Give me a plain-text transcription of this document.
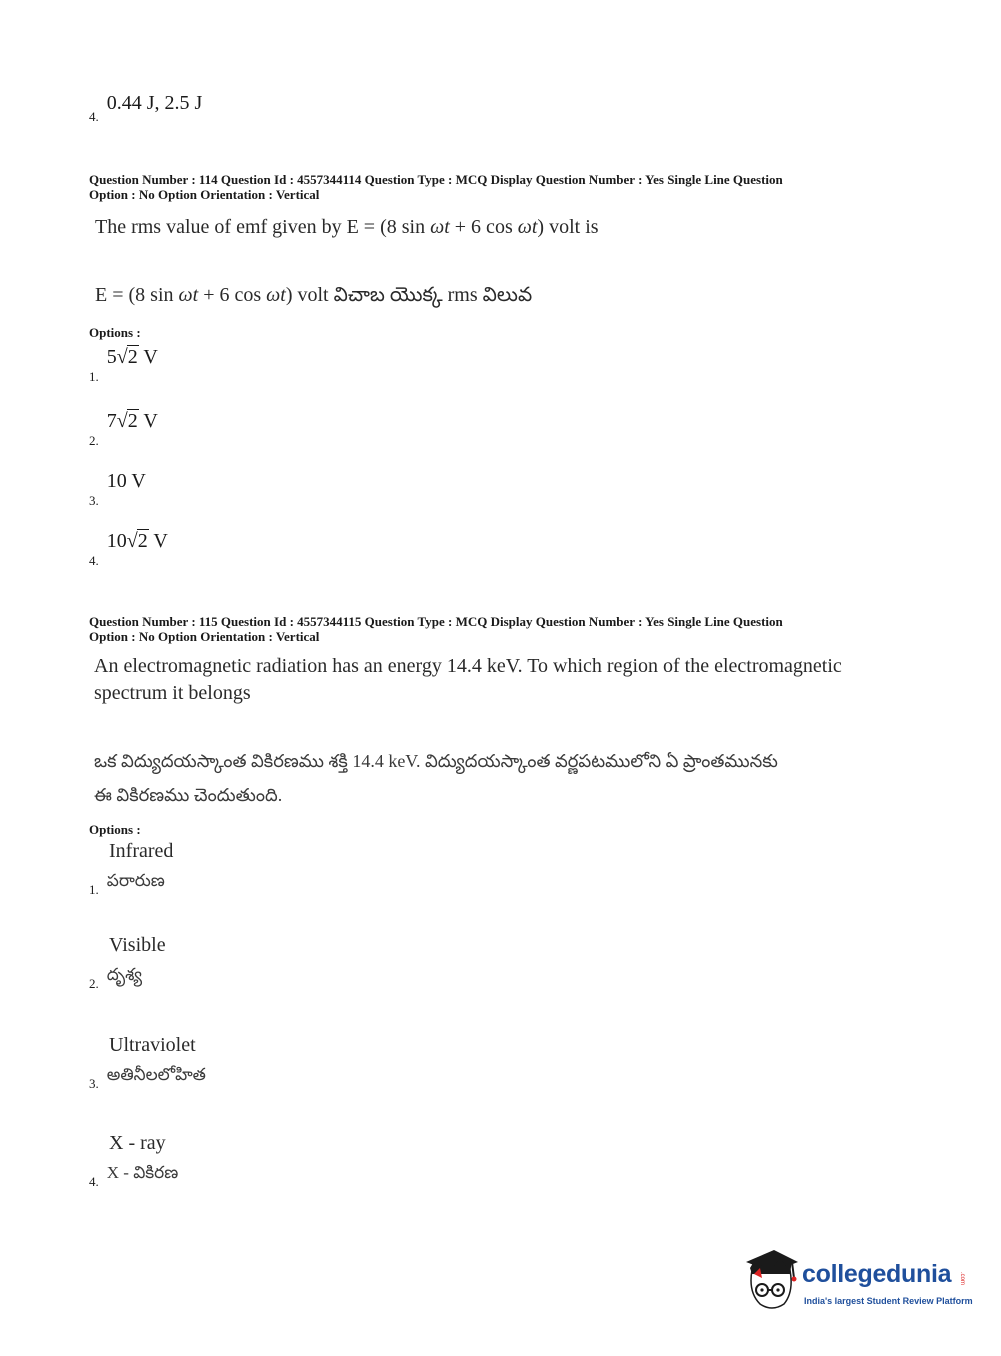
$_{4.}$ 0.44 J, 2.5 J
Question Number : 114 Question Id : 4557344114 Question Type : MCQ Display Question Number : Yes Single Line Question
Option : No Option Orientation : Vertical
The rms value of emf given by E = (8 sin ωt + 6 cos ωt) volt is
E = (8 sin ωt + 6 cos ωt) volt విచాబ యొక్క rms విలువ
Options :
$_{1.}$ 5√2 V
$_{2.}$ 7√2 V
$_{3.}$ 10 V
$_{4.}$ 10√2 V
Question Number : 115 Question Id : 4557344115 Question Type : MCQ Display Question Number : Yes Single Line Question
Option : No Option Orientation : Vertical
An electromagnetic radiation has an energy 14.4 keV. To which region of the electromagnetic
spectrum it belongs
ఒక విద్యుదయస్కాంత వికిరణము శక్తి 14.4 keV. విద్యుదయస్కాంత వర్ణపటములోని ఏ ప్రాంతమునకు
ఈ వికిరణము చెందుతుంది.
Options :
Infrared
$_{1.}$ పరారుణ
Visible
$_{2.}$ దృశ్య
Ultraviolet
$_{3.}$ అతినీలలోహిత
X - ray
$_{4.}$ X - వికిరణ
collegedunia .com
India's largest Student Review Platform
